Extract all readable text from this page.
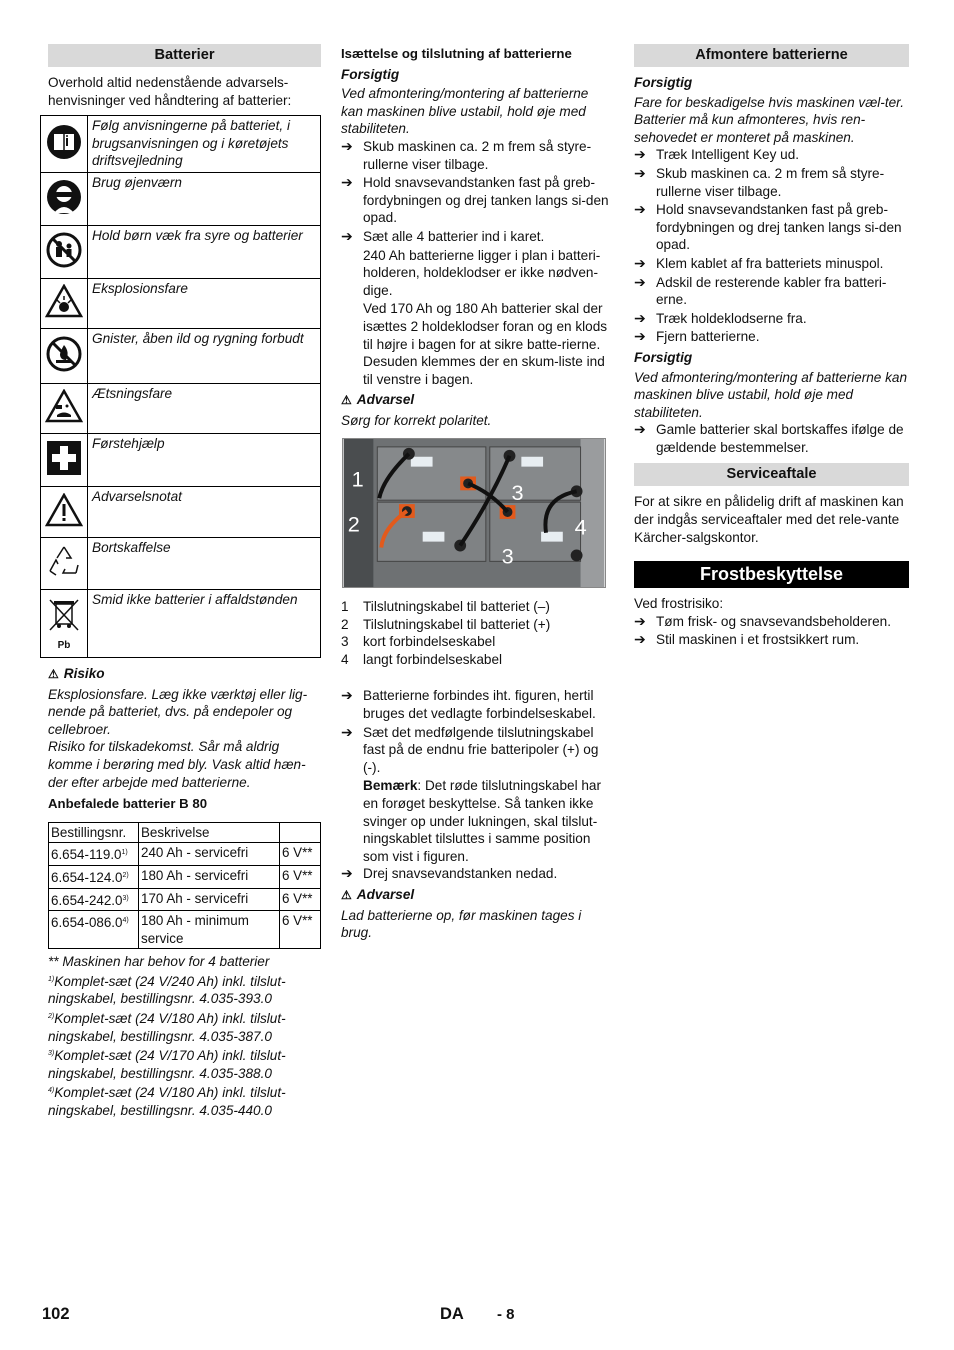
Batterier

Overhold altid nedenstående advarsels-henvisninger ved håndtering af batterier:

	Følg anvisningerne på batteriet, i brugsanvisningen og i køretøjets driftsvejledning
	Brug øjenværn
	Hold børn væk fra syre og batterier
	Eksplosionsfare
	Gnister, åben ild og rygning forbudt
	Ætsningsfare
	Førstehjælp
	Advarselsnotat
	Bortskaffelse

Pb	Smid ikke batterier i affaldstønden

⚠ Risiko

Eksplosionsfare. Læg ikke værktøj eller lig-nende på batteriet, dvs. på endepoler og cellebroer.

Risiko for tilskadekomst. Sår må aldrig komme i berøring med bly. Vask altid hæn-der efter arbejde med batterierne.

Anbefalede batterier B 80

Bestillingsnr.	Beskrivelse	
6.654-119.0$^{1)}$	240 Ah - servicefri	6 V**
6.654-124.0$^{2)}$	180 Ah - servicefri	6 V**
6.654-242.0$^{3)}$	170 Ah - servicefri	6 V**
6.654-086.0$^{4)}$	180 Ah - minimum service	6 V**

** Maskinen har behov for 4 batterier

$^{1)}$Komplet-sæt (24 V/240 Ah) inkl. tilslut-ningskabel, bestillingsnr. 4.035-393.0

$^{2)}$Komplet-sæt (24 V/180 Ah) inkl. tilslut-ningskabel, bestillingsnr. 4.035-387.0

$^{3)}$Komplet-sæt (24 V/170 Ah) inkl. tilslut-ningskabel, bestillingsnr. 4.035-388.0

$^{4)}$Komplet-sæt (24 V/180 Ah) inkl. tilslut-ningskabel, bestillingsnr. 4.035-440.0

Isættelse og tilslutning af batterierne

Forsigtig

Ved afmontering/montering af batterierne kan maskinen blive ustabil, hold øje med stabiliteten.

➔ Skub maskinen ca. 2 m frem så styre-rullerne viser tilbage.
➔ Hold snavsevandstanken fast på greb-fordybningen og drej tanken langs si-den opad.
➔ Sæt alle 4 batterier ind i karet.

240 Ah batterierne ligger i plan i batteri-holderen, holdeklodser er ikke nødven-dige.

Ved 170 Ah og 180 Ah batterier skal der isættes 2 holdeklodser foran og en klods til højre i bagen for at sikre batte-rierne. Desuden klemmes der en skum-liste ind til venstre i bagen.

⚠ Advarsel

Sørg for korrekt polaritet.

1
2
3
4
3
1 Tilslutningskabel til batteriet (–)
2 Tilslutningskabel til batteriet (+)
3 kort forbindelseskabel
4 langt forbindelseskabel
➔ Batterierne forbindes iht. figuren, hertil bruges det vedlagte forbindelseskabel.
➔ Sæt det medfølgende tilslutningskabel fast på de endnu frie batteripoler (+) og (-).

Bemærk: Det røde tilslutningskabel har en forøget beskyttelse. Så tanken ikke svinger op under lukningen, skal tilslut-ningskablet tilsluttes i samme position som vist i figuren.

➔ Drej snavsevandstanken nedad.

⚠ Advarsel

Lad batterierne op, før maskinen tages i brug.

Afmontere batterierne

Forsigtig

Fare for beskadigelse hvis maskinen væl-ter. Batterier må kun afmonteres, hvis ren-sehovedet er monteret på maskinen.

➔ Træk Intelligent Key ud.
➔ Skub maskinen ca. 2 m frem så styre-rullerne viser tilbage.
➔ Hold snavsevandstanken fast på greb-fordybningen og drej tanken langs si-den opad.
➔ Klem kablet af fra batteriets minuspol.
➔ Adskil de resterende kabler fra batteri-erne.
➔ Træk holdeklodserne fra.
➔ Fjern batterierne.

Forsigtig

Ved afmontering/montering af batterierne kan maskinen blive ustabil, hold øje med stabiliteten.

➔ Gamle batterier skal bortskaffes ifølge de gældende bestemmelser.
Serviceaftale

For at sikre en pålidelig drift af maskinen kan der indgås serviceaftaler med det rele-vante Kärcher-salgskontor.

Frostbeskyttelse

Ved frostrisiko:

➔ Tøm frisk- og snavsevandsbeholderen.
➔ Stil maskinen i et frostsikkert rum.
102	DA - 8
